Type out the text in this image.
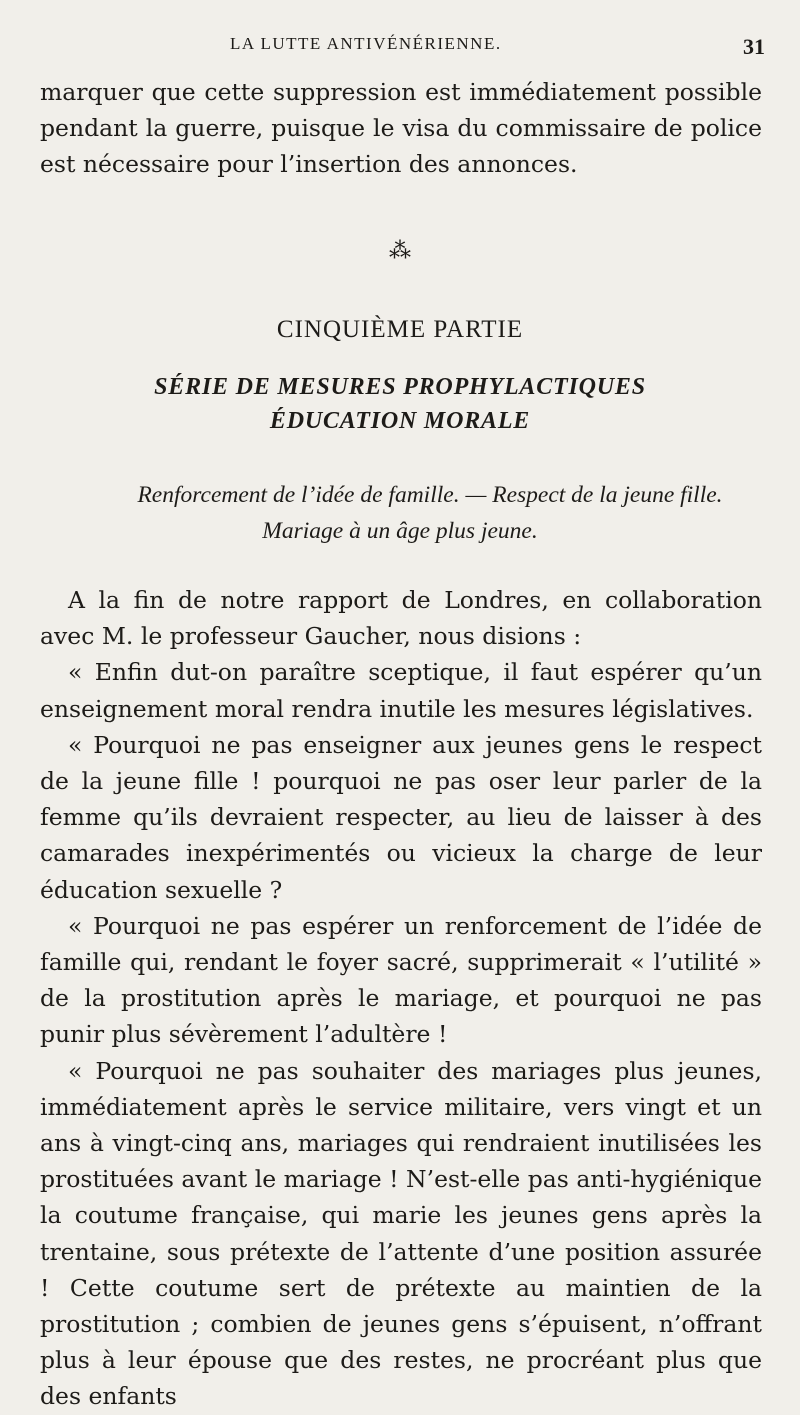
LA LUTTE ANTIVÉNÉRIENNE.	31

marquer que cette suppression est immédiatement possible pendant la guerre, puisque le visa du commissaire de police est nécessaire pour l’insertion des annonces.

⁂
CINQUIÈME PARTIE
SÉRIE DE MESURES PROPHYLACTIQUES
ÉDUCATION MORALE
Renforcement de l’idée de famille. — Respect de la jeune fille.
Mariage à un âge plus jeune.

A la fin de notre rapport de Londres, en collaboration avec M. le professeur Gaucher, nous disions :

« Enfin dut-on paraître sceptique, il faut espérer qu’un enseignement moral rendra inutile les mesures législatives.

« Pourquoi ne pas enseigner aux jeunes gens le respect de la jeune fille ! pourquoi ne pas oser leur parler de la femme qu’ils devraient respecter, au lieu de laisser à des camarades inexpérimentés ou vicieux la charge de leur éducation sexuelle ?

« Pourquoi ne pas espérer un renforcement de l’idée de famille qui, rendant le foyer sacré, supprimerait « l’utilité » de la prostitution après le mariage, et pourquoi ne pas punir plus sévèrement l’adultère !

« Pourquoi ne pas souhaiter des mariages plus jeunes, immédiatement après le service militaire, vers vingt et un ans à vingt-cinq ans, mariages qui rendraient inutilisées les prostituées avant le mariage ! N’est-elle pas anti-hygiénique la coutume française, qui marie les jeunes gens après la trentaine, sous prétexte de l’attente d’une position assurée ! Cette coutume sert de prétexte au maintien de la prostitution ; combien de jeunes gens s’épuisent, n’offrant plus à leur épouse que des restes, ne procréant plus que des enfants
